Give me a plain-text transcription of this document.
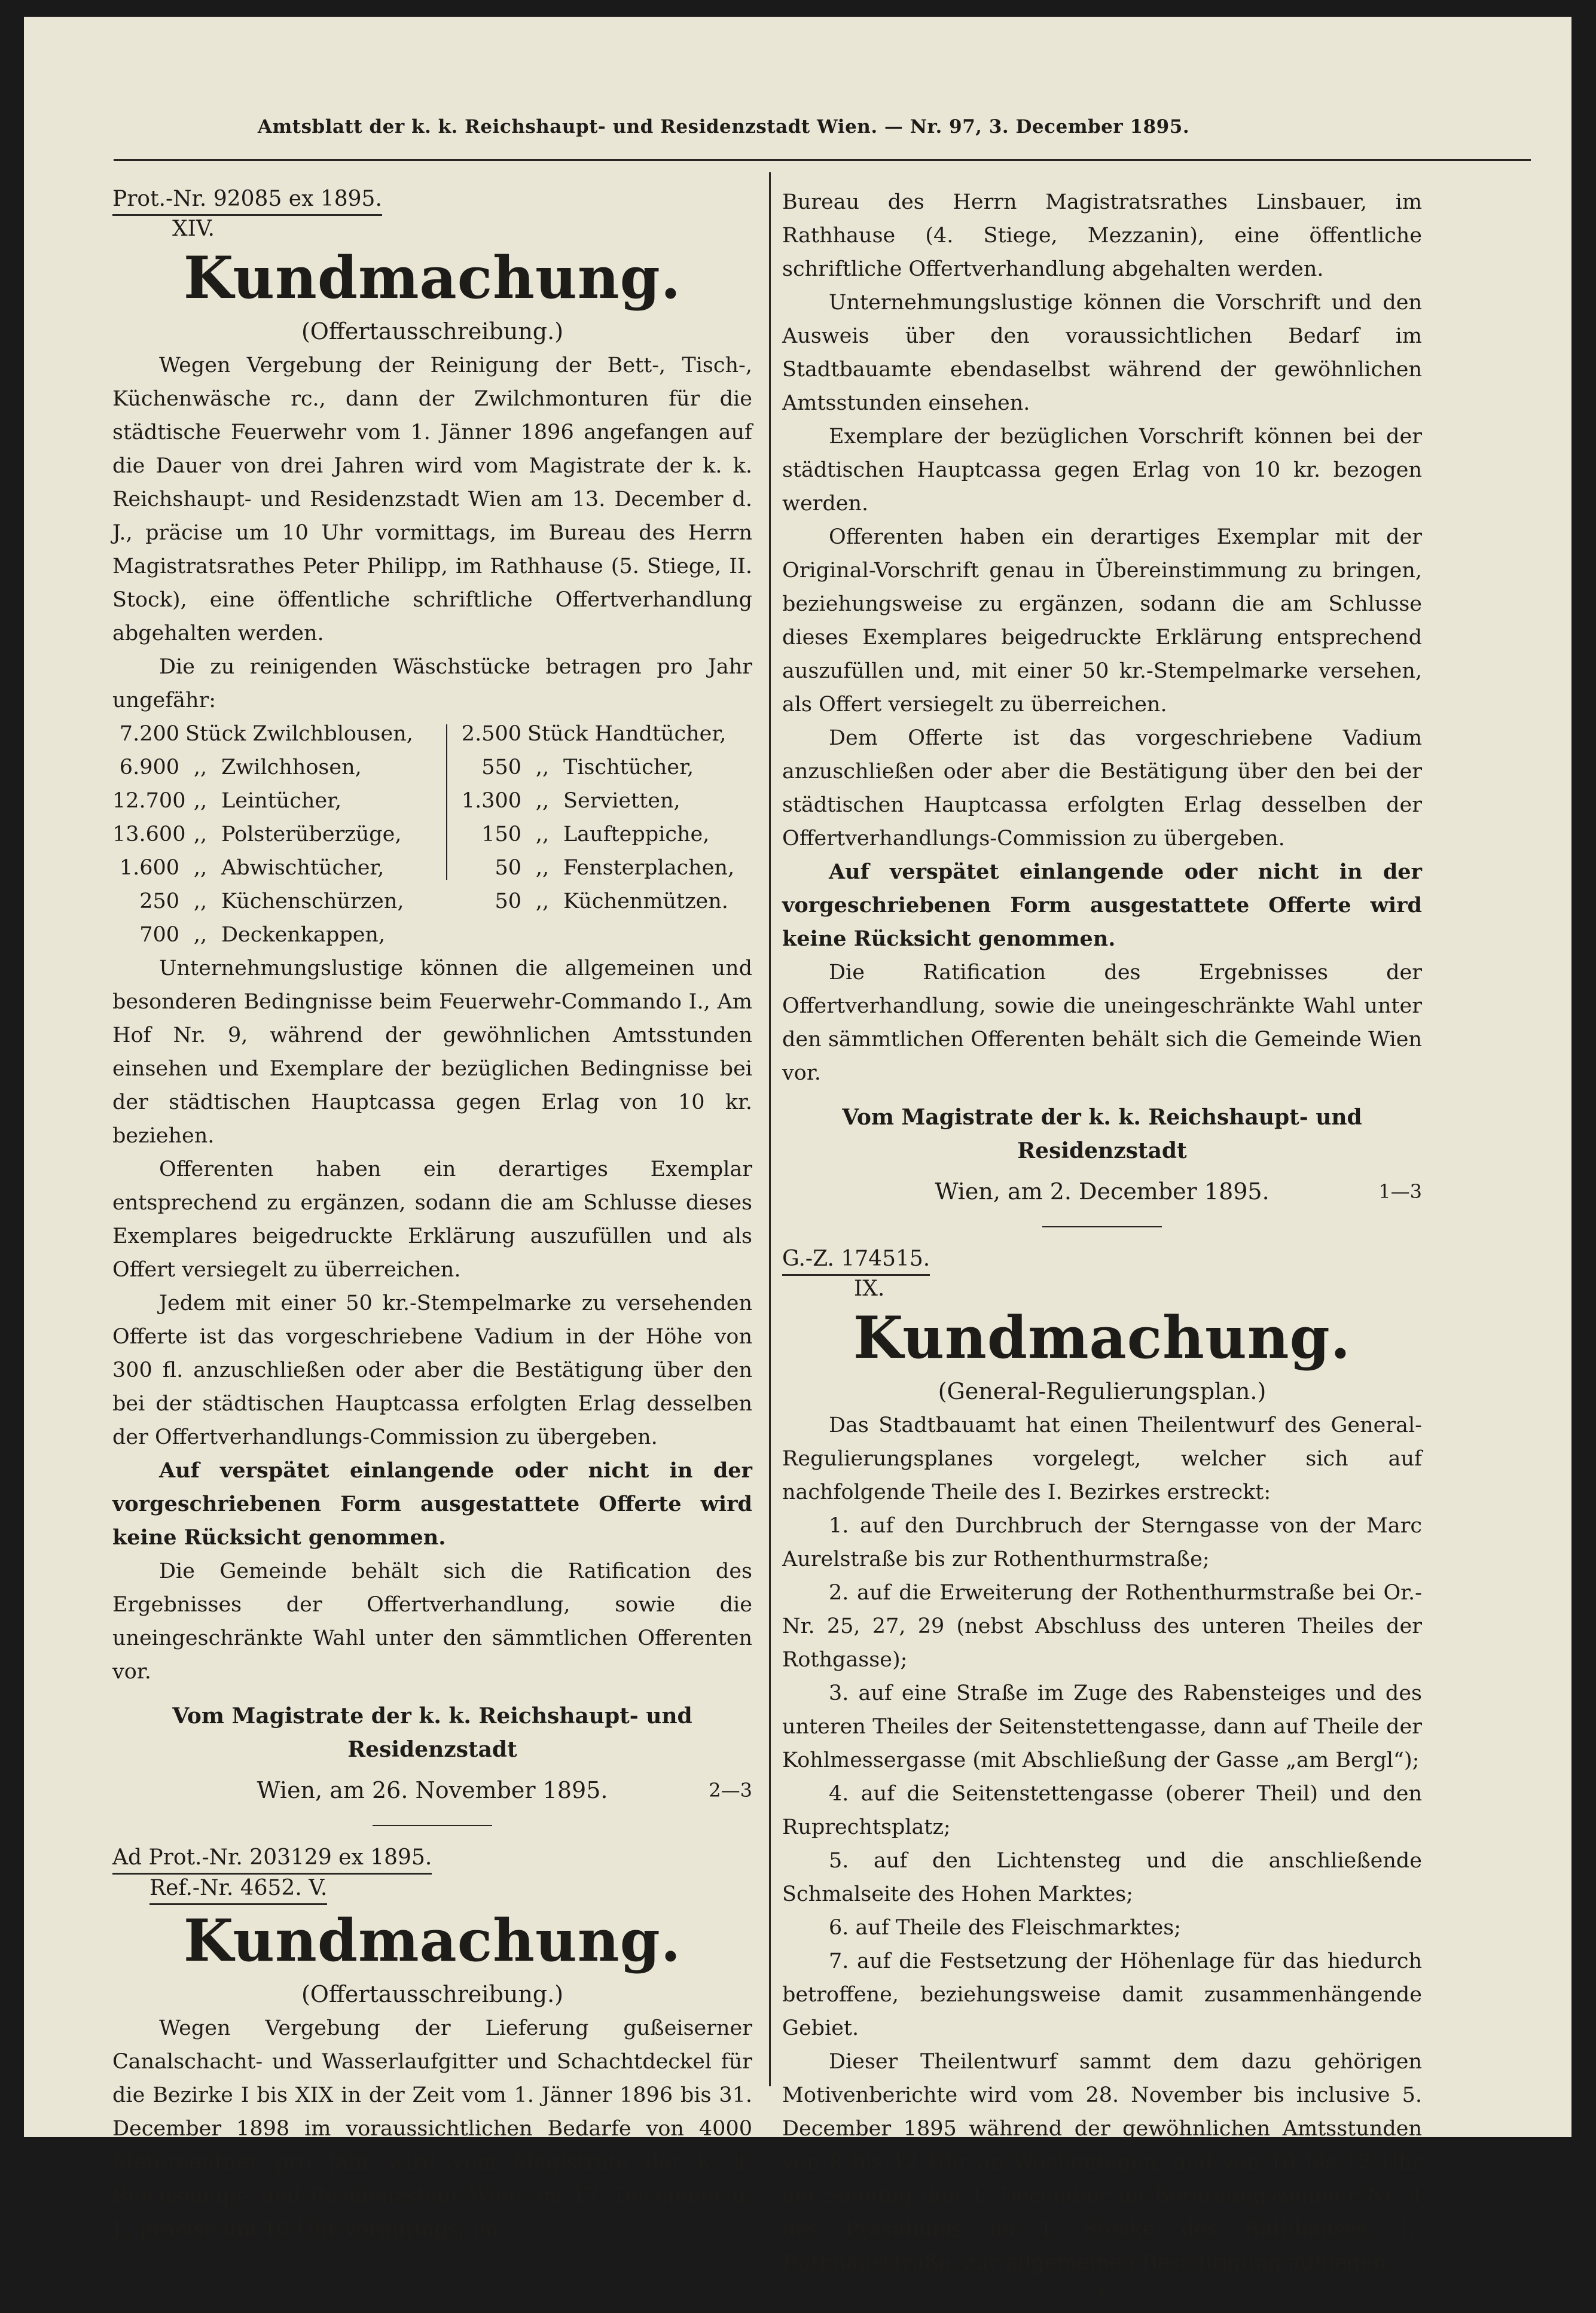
Amtsblatt der k. k. Reichshaupt- und Residenzstadt Wien. — Nr. 97, 3. December 1895.
Prot.-Nr. 92085 ex 1895.
XIV.
Kundmachung.
(Offertausschreibung.)

Wegen Vergebung der Reinigung der Bett-, Tisch-, Küchenwäsche rc., dann der Zwilchmonturen für die städtische Feuerwehr vom 1. Jänner 1896 angefangen auf die Dauer von drei Jahren wird vom Magistrate der k. k. Reichshaupt- und Residenzstadt Wien am 13. December d. J., präcise um 10 Uhr vormittags, im Bureau des Herrn Magistratsrathes Peter Philipp, im Rathhause (5. Stiege, II. Stock), eine öffentliche schriftliche Offertverhandlung abgehalten werden.

Die zu reinigenden Wäschstücke betragen pro Jahr ungefähr:

7.200 Stück Zwilchblousen,
6.900 ,, Zwilchhosen,
12.700 ,, Leintücher,
13.600 ,, Polsterüberzüge,
1.600 ,, Abwischtücher,
250 ,, Küchenschürzen,
700 ,, Deckenkappen,
2.500 Stück Handtücher,
550 ,, Tischtücher,
1.300 ,, Servietten,
150 ,, Laufteppiche,
50 ,, Fensterplachen,
50 ,, Küchenmützen.

Unternehmungslustige können die allgemeinen und besonderen Bedingnisse beim Feuerwehr-Commando I., Am Hof Nr. 9, während der gewöhnlichen Amtsstunden einsehen und Exemplare der bezüglichen Bedingnisse bei der städtischen Hauptcassa gegen Erlag von 10 kr. beziehen.

Offerenten haben ein derartiges Exemplar entsprechend zu ergänzen, sodann die am Schlusse dieses Exemplares beigedruckte Erklärung auszufüllen und als Offert versiegelt zu überreichen.

Jedem mit einer 50 kr.-Stempelmarke zu versehenden Offerte ist das vorgeschriebene Vadium in der Höhe von 300 fl. anzuschließen oder aber die Bestätigung über den bei der städtischen Hauptcassa erfolgten Erlag desselben der Offertverhandlungs-Commission zu übergeben.

Auf verspätet einlangende oder nicht in der vorgeschriebenen Form ausgestattete Offerte wird keine Rücksicht genommen.

Die Gemeinde behält sich die Ratification des Ergebnisses der Offertverhandlung, sowie die uneingeschränkte Wahl unter den sämmtlichen Offerenten vor.

Vom Magistrate der k. k. Reichshaupt- und Residenzstadt
Wien, am 26. November 1895.	2—3
Ad Prot.-Nr. 203129 ex 1895.
Ref.-Nr. 4652. V.
Kundmachung.
(Offertausschreibung.)

Wegen Vergebung der Lieferung gußeiserner Canalschacht- und Wasserlaufgitter und Schachtdeckel für die Bezirke I bis XIX in der Zeit vom 1. Jänner 1896 bis 31. December 1898 im voraussichtlichen Bedarfe von 4000 Metercentner pro Jahr wird vom Magistrate der k. k. Reichshaupt- und Residenzstadt Wien am 17. December d. J., präcise um 10 Uhr vormittags, im

Bureau des Herrn Magistratsrathes Linsbauer, im Rathhause (4. Stiege, Mezzanin), eine öffentliche schriftliche Offertverhandlung abgehalten werden.

Unternehmungslustige können die Vorschrift und den Ausweis über den voraussichtlichen Bedarf im Stadtbauamte ebendaselbst während der gewöhnlichen Amtsstunden einsehen.

Exemplare der bezüglichen Vorschrift können bei der städtischen Hauptcassa gegen Erlag von 10 kr. bezogen werden.

Offerenten haben ein derartiges Exemplar mit der Original-Vorschrift genau in Übereinstimmung zu bringen, beziehungsweise zu ergänzen, sodann die am Schlusse dieses Exemplares beigedruckte Erklärung entsprechend auszufüllen und, mit einer 50 kr.-Stempelmarke versehen, als Offert versiegelt zu überreichen.

Dem Offerte ist das vorgeschriebene Vadium anzuschließen oder aber die Bestätigung über den bei der städtischen Hauptcassa erfolgten Erlag desselben der Offertverhandlungs-Commission zu übergeben.

Auf verspätet einlangende oder nicht in der vorgeschriebenen Form ausgestattete Offerte wird keine Rücksicht genommen.

Die Ratification des Ergebnisses der Offertverhandlung, sowie die uneingeschränkte Wahl unter den sämmtlichen Offerenten behält sich die Gemeinde Wien vor.

Vom Magistrate der k. k. Reichshaupt- und Residenzstadt
Wien, am 2. December 1895.	1—3
G.-Z. 174515.
IX.
Kundmachung.
(General-Regulierungsplan.)

Das Stadtbauamt hat einen Theilentwurf des General-Regulierungsplanes vorgelegt, welcher sich auf nachfolgende Theile des I. Bezirkes erstreckt:

1. auf den Durchbruch der Sterngasse von der Marc Aurelstraße bis zur Rothenthurmstraße;

2. auf die Erweiterung der Rothenthurmstraße bei Or.-Nr. 25, 27, 29 (nebst Abschluss des unteren Theiles der Rothgasse);

3. auf eine Straße im Zuge des Rabensteiges und des unteren Theiles der Seitenstettengasse, dann auf Theile der Kohlmessergasse (mit Abschließung der Gasse „am Bergl“);

4. auf die Seitenstettengasse (oberer Theil) und den Ruprechtsplatz;

5. auf den Lichtensteg und die anschließende Schmalseite des Hohen Marktes;

6. auf Theile des Fleischmarktes;

7. auf die Festsetzung der Höhenlage für das hiedurch betroffene, beziehungsweise damit zusammenhängende Gebiet.

Dieser Theilentwurf sammt dem dazu gehörigen Motivenberichte wird vom 28. November bis inclusive 5. December 1895 während der gewöhnlichen Amtsstunden von 8 bis 12 Uhr an Wochentagen, und von 10 bis 12 Uhr am Sonntag den 1. December im Berathungszimmer Nr. 4 des Präsidiums im I. Stocke des Rathhauses, I., Rathhausstraße, zur allgemeinen Besichtigung aufliegen.

*
